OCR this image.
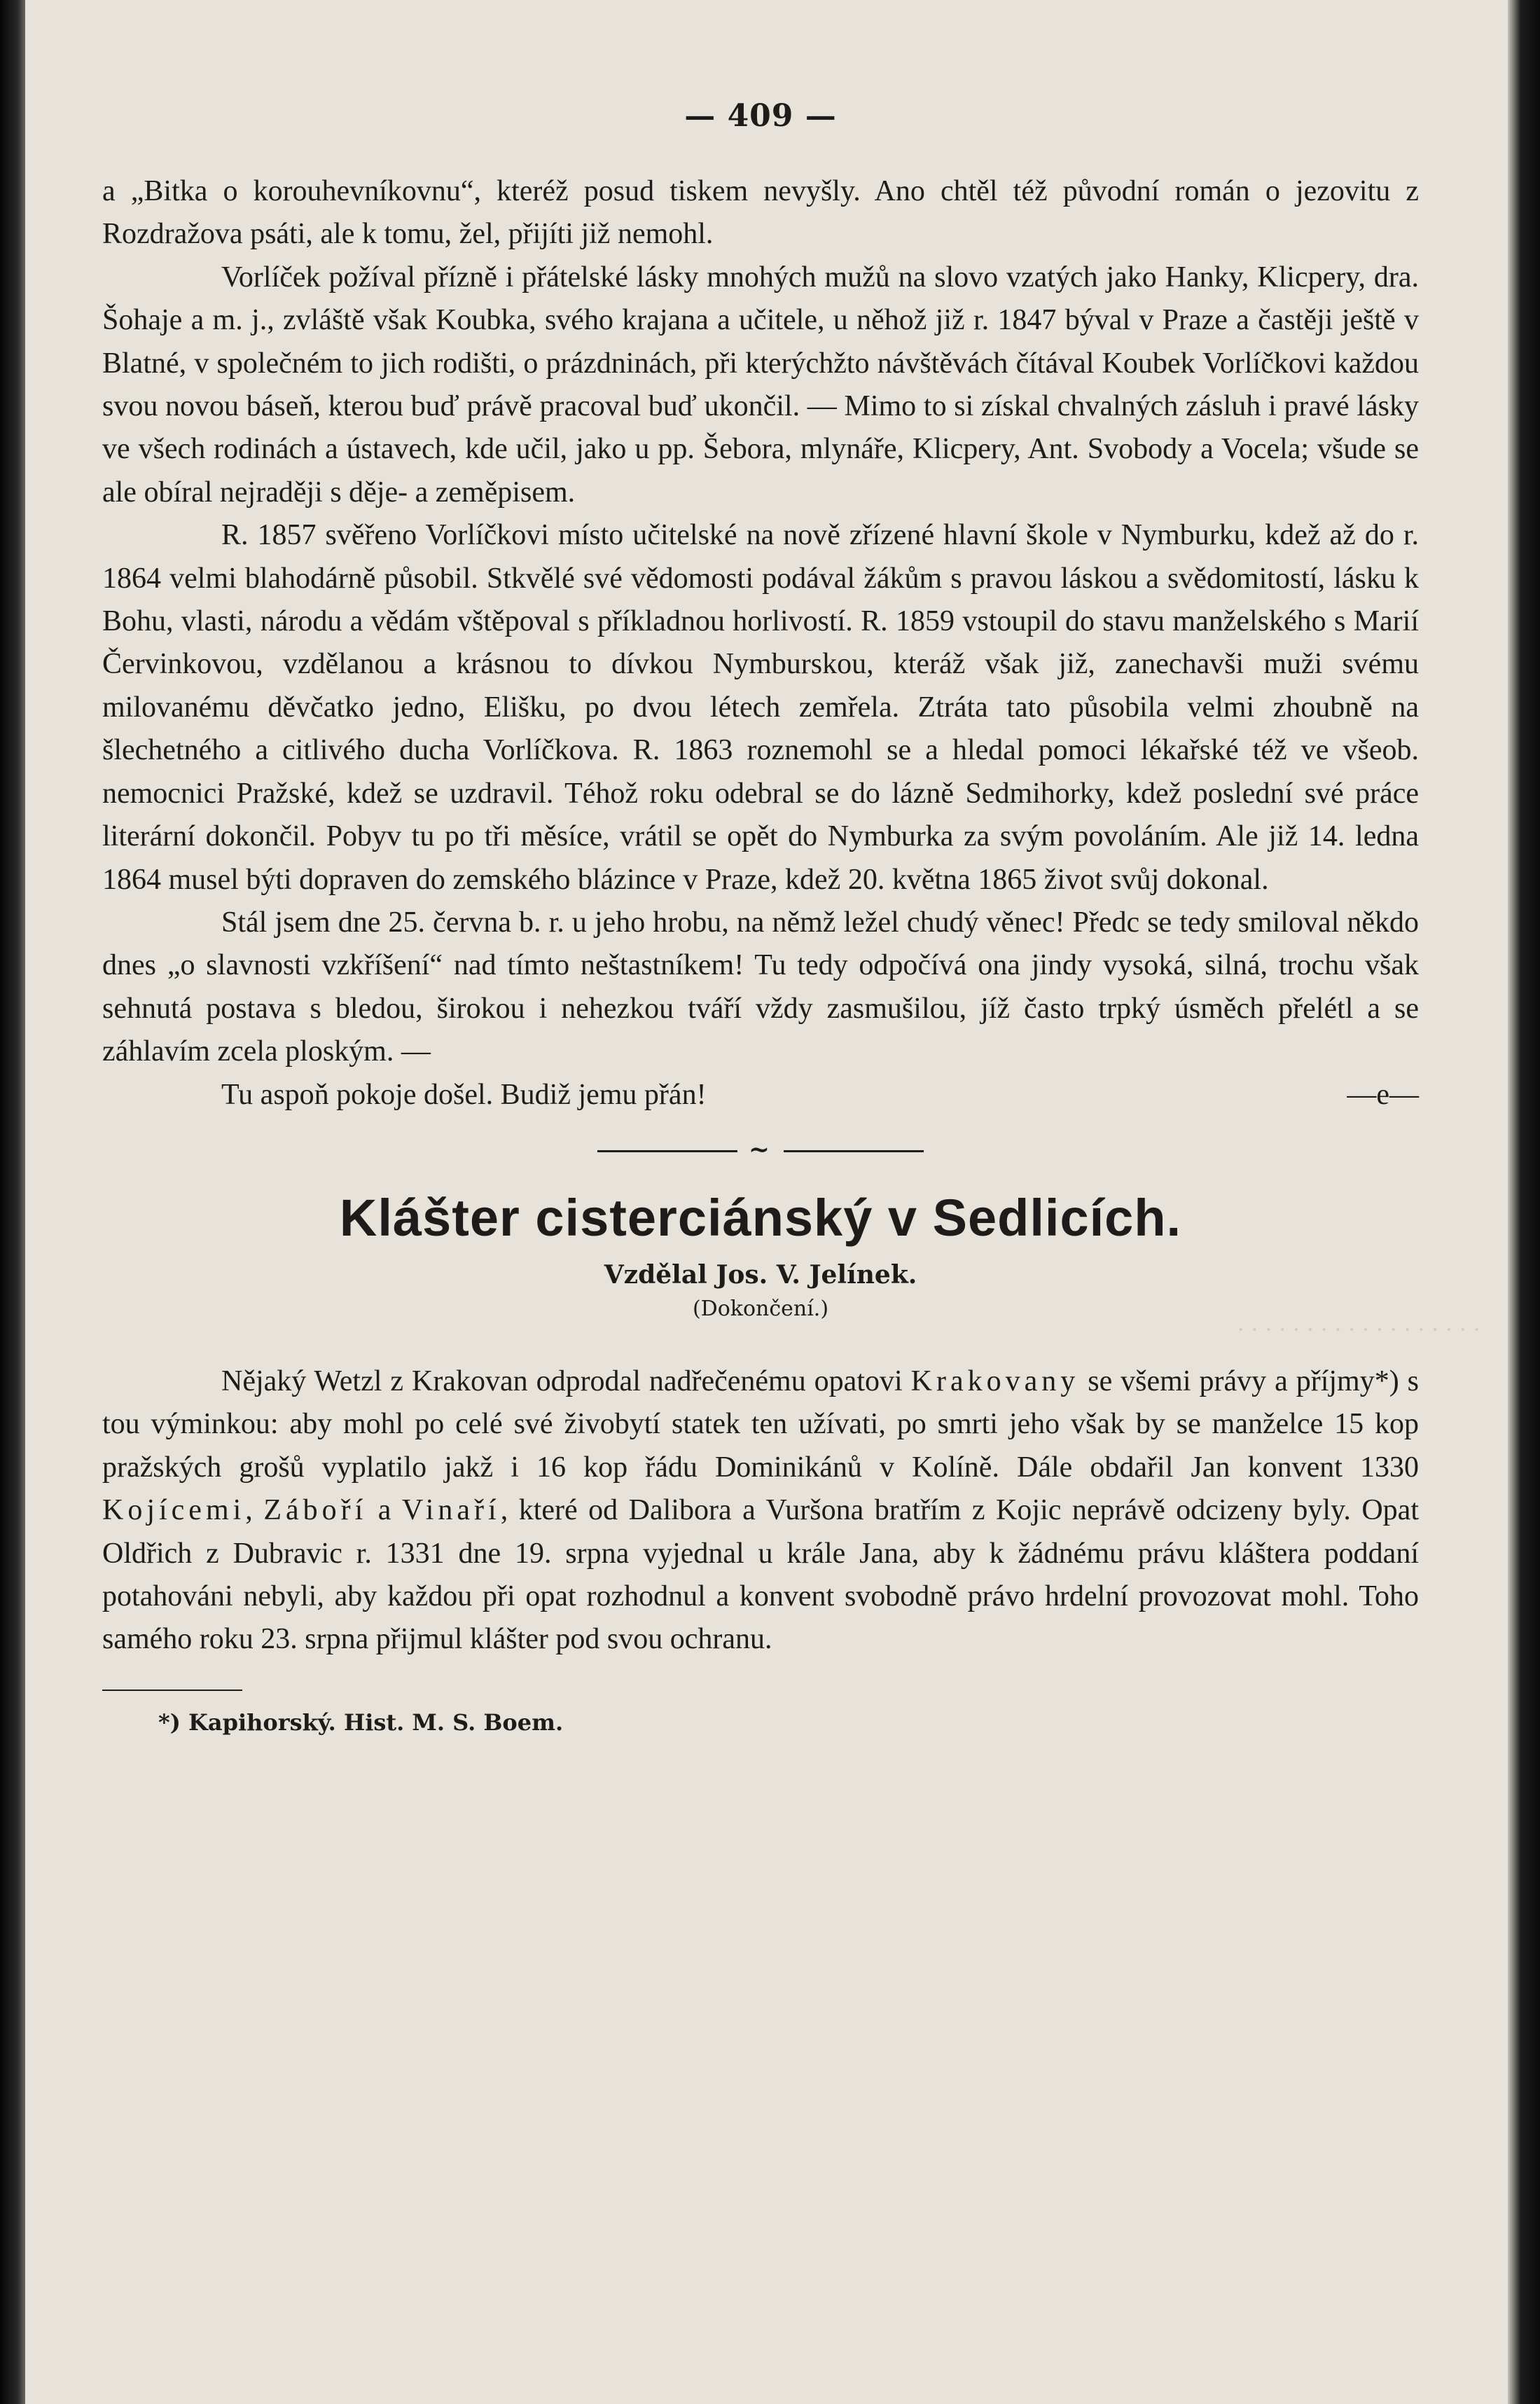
· · · · · · · · · · · · · · · · · ·
— 409 —

a „Bitka o korouhevníkovnu“, kteréž posud tiskem nevyšly. Ano chtěl též původní román o jezovitu z Rozdražova psáti, ale k tomu, žel, přijíti již nemohl.

Vorlíček požíval přízně i přátelské lásky mnohých mužů na slovo vzatých jako Hanky, Klicpery, dra. Šohaje a m. j., zvláště však Koubka, svého krajana a učitele, u něhož již r. 1847 býval v Praze a častěji ještě v Blatné, v společném to jich rodišti, o prázdninách, při kterýchžto návštěvách čítával Koubek Vorlíčkovi každou svou novou báseň, kterou buď právě pracoval buď ukončil. — Mimo to si získal chvalných zásluh i pravé lásky ve všech rodinách a ústavech, kde učil, jako u pp. Šebora, mlynáře, Klicpery, Ant. Svobody a Vocela; všude se ale obíral nejraději s děje- a zeměpisem.

R. 1857 svěřeno Vorlíčkovi místo učitelské na nově zřízené hlavní škole v Nymburku, kdež až do r. 1864 velmi blahodárně působil. Stkvělé své vědomosti podával žákům s pravou láskou a svědomitostí, lásku k Bohu, vlasti, národu a vědám vštěpoval s příkladnou horlivostí. R. 1859 vstoupil do stavu manželského s Marií Červinkovou, vzdělanou a krásnou to dívkou Nymburskou, kteráž však již, zanechavši muži svému milovanému děvčatko jedno, Elišku, po dvou létech zemřela. Ztráta tato působila velmi zhoubně na šlechetného a citlivého ducha Vorlíčkova. R. 1863 roznemohl se a hledal pomoci lékařské též ve všeob. nemocnici Pražské, kdež se uzdravil. Téhož roku odebral se do lázně Sedmihorky, kdež poslední své práce literární dokončil. Pobyv tu po tři měsíce, vrátil se opět do Nymburka za svým povoláním. Ale již 14. ledna 1864 musel býti dopraven do zemského blázince v Praze, kdež 20. května 1865 život svůj dokonal.

Stál jsem dne 25. června b. r. u jeho hrobu, na němž ležel chudý věnec! Předc se tedy smiloval někdo dnes „o slavnosti vzkříšení“ nad tímto neštastníkem! Tu tedy odpočívá ona jindy vysoká, silná, trochu však sehnutá postava s bledou, širokou i nehezkou tváří vždy zasmušilou, jíž často trpký úsměch přelétl a se záhlavím zcela ploským. —

Tu aspoň pokoje došel. Budiž jemu přán!	—e—

~
Klášter cisterciánský v Sedlicích.
Vzdělal Jos. V. Jelínek.
(Dokončení.)

Nějaký Wetzl z Krakovan odprodal nadřečenému opatovi Krakovany se všemi právy a příjmy*) s tou výminkou: aby mohl po celé své živobytí statek ten užívati, po smrti jeho však by se manželce 15 kop pražských grošů vyplatilo jakž i 16 kop řádu Dominikánů v Kolíně. Dále obdařil Jan konvent 1330 Kojícemi, Záboří a Vinaří, které od Dalibora a Vuršona bratřím z Kojic neprávě odcizeny byly. Opat Oldřich z Dubravic r. 1331 dne 19. srpna vyjednal u krále Jana, aby k žádnému právu kláštera poddaní potahováni nebyli, aby každou při opat rozhodnul a konvent svobodně právo hrdelní provozovat mohl. Toho samého roku 23. srpna přijmul klášter pod svou ochranu.

*) Kapihorský. Hist. M. S. Boem.
